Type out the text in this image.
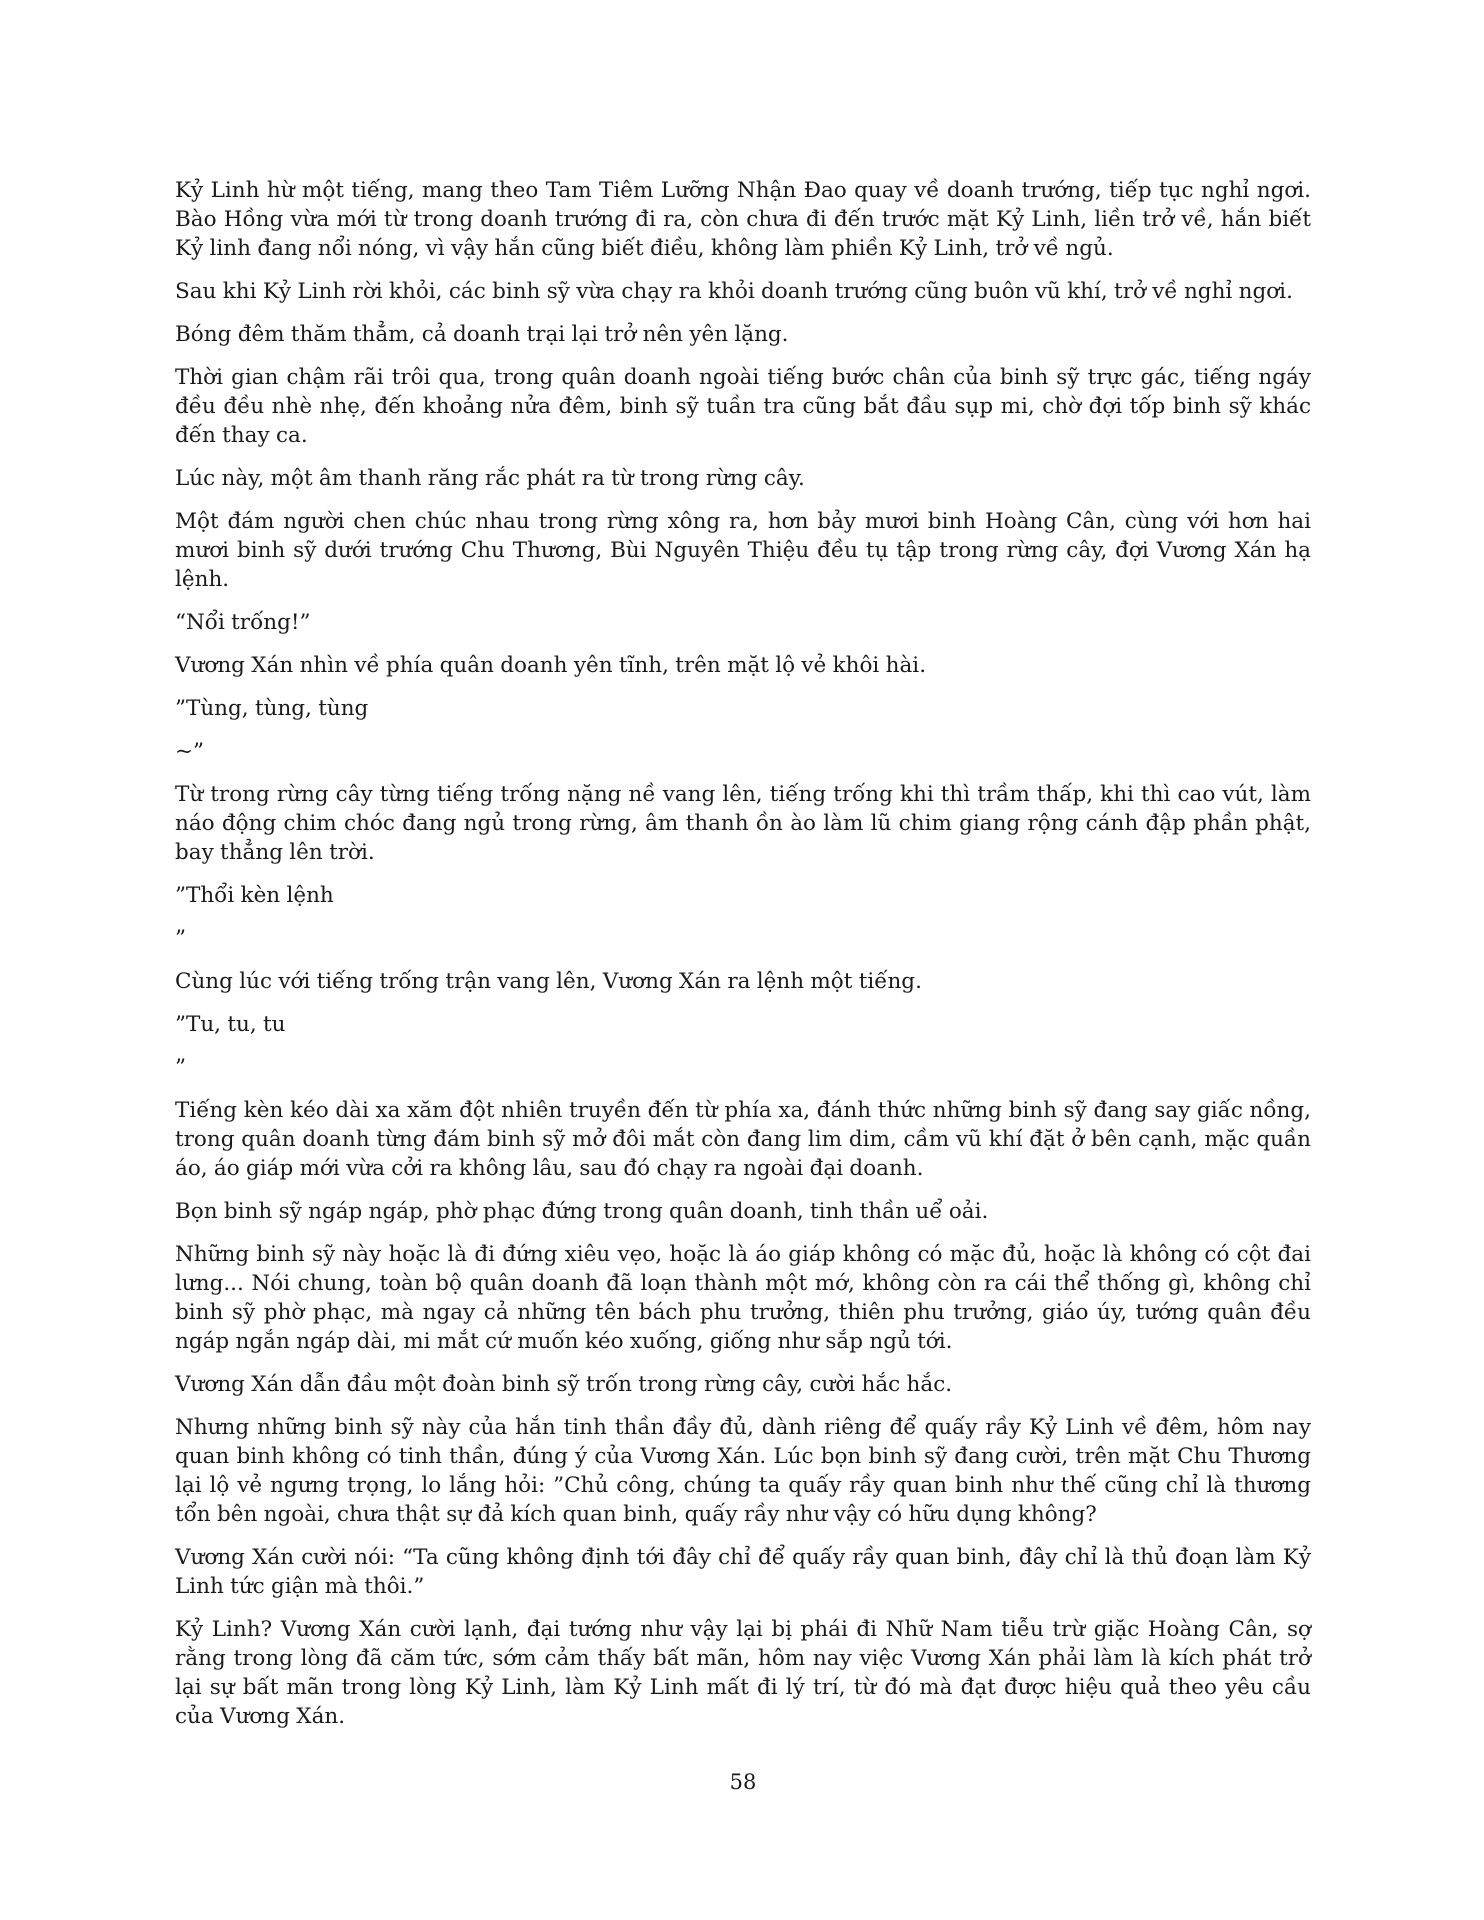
Kỷ Linh hừ một tiếng, mang theo Tam Tiêm Lưỡng Nhận Đao quay về doanh trướng, tiếp tục nghỉ ngơi. Bào Hồng vừa mới từ trong doanh trướng đi ra, còn chưa đi đến trước mặt Kỷ Linh, liền trở về, hắn biết Kỷ linh đang nổi nóng, vì vậy hắn cũng biết điều, không làm phiền Kỷ Linh, trở về ngủ.

Sau khi Kỷ Linh rời khỏi, các binh sỹ vừa chạy ra khỏi doanh trướng cũng buôn vũ khí, trở về nghỉ ngơi.

Bóng đêm thăm thẳm, cả doanh trại lại trở nên yên lặng.

Thời gian chậm rãi trôi qua, trong quân doanh ngoài tiếng bước chân của binh sỹ trực gác, tiếng ngáy đều đều nhè nhẹ, đến khoảng nửa đêm, binh sỹ tuần tra cũng bắt đầu sụp mi, chờ đợi tốp binh sỹ khác đến thay ca.

Lúc này, một âm thanh răng rắc phát ra từ trong rừng cây.

Một đám người chen chúc nhau trong rừng xông ra, hơn bảy mươi binh Hoàng Cân, cùng với hơn hai mươi binh sỹ dưới trướng Chu Thương, Bùi Nguyên Thiệu đều tụ tập trong rừng cây, đợi Vương Xán hạ lệnh.

“Nổi trống!”

Vương Xán nhìn về phía quân doanh yên tĩnh, trên mặt lộ vẻ khôi hài.

”Tùng, tùng, tùng

~”

Từ trong rừng cây từng tiếng trống nặng nề vang lên, tiếng trống khi thì trầm thấp, khi thì cao vút, làm náo động chim chóc đang ngủ trong rừng, âm thanh ồn ào làm lũ chim giang rộng cánh đập phần phật, bay thẳng lên trời.

”Thổi kèn lệnh

”

Cùng lúc với tiếng trống trận vang lên, Vương Xán ra lệnh một tiếng.

”Tu, tu, tu

”

Tiếng kèn kéo dài xa xăm đột nhiên truyền đến từ phía xa, đánh thức những binh sỹ đang say giấc nồng, trong quân doanh từng đám binh sỹ mở đôi mắt còn đang lim dim, cầm vũ khí đặt ở bên cạnh, mặc quần áo, áo giáp mới vừa cởi ra không lâu, sau đó chạy ra ngoài đại doanh.

Bọn binh sỹ ngáp ngáp, phờ phạc đứng trong quân doanh, tinh thần uể oải.

Những binh sỹ này hoặc là đi đứng xiêu vẹo, hoặc là áo giáp không có mặc đủ, hoặc là không có cột đai lưng... Nói chung, toàn bộ quân doanh đã loạn thành một mớ, không còn ra cái thể thống gì, không chỉ binh sỹ phờ phạc, mà ngay cả những tên bách phu trưởng, thiên phu trưởng, giáo úy, tướng quân đều ngáp ngắn ngáp dài, mi mắt cứ muốn kéo xuống, giống như sắp ngủ tới.

Vương Xán dẫn đầu một đoàn binh sỹ trốn trong rừng cây, cười hắc hắc.

Nhưng những binh sỹ này của hắn tinh thần đầy đủ, dành riêng để quấy rầy Kỷ Linh về đêm, hôm nay quan binh không có tinh thần, đúng ý của Vương Xán. Lúc bọn binh sỹ đang cười, trên mặt Chu Thương lại lộ vẻ ngưng trọng, lo lắng hỏi: ”Chủ công, chúng ta quấy rầy quan binh như thế cũng chỉ là thương tổn bên ngoài, chưa thật sự đả kích quan binh, quấy rầy như vậy có hữu dụng không?

Vương Xán cười nói: “Ta cũng không định tới đây chỉ để quấy rầy quan binh, đây chỉ là thủ đoạn làm Kỷ Linh tức giận mà thôi.”

Kỷ Linh? Vương Xán cười lạnh, đại tướng như vậy lại bị phái đi Nhữ Nam tiễu trừ giặc Hoàng Cân, sợ rằng trong lòng đã căm tức, sớm cảm thấy bất mãn, hôm nay việc Vương Xán phải làm là kích phát trở lại sự bất mãn trong lòng Kỷ Linh, làm Kỷ Linh mất đi lý trí, từ đó mà đạt được hiệu quả theo yêu cầu của Vương Xán.

58
